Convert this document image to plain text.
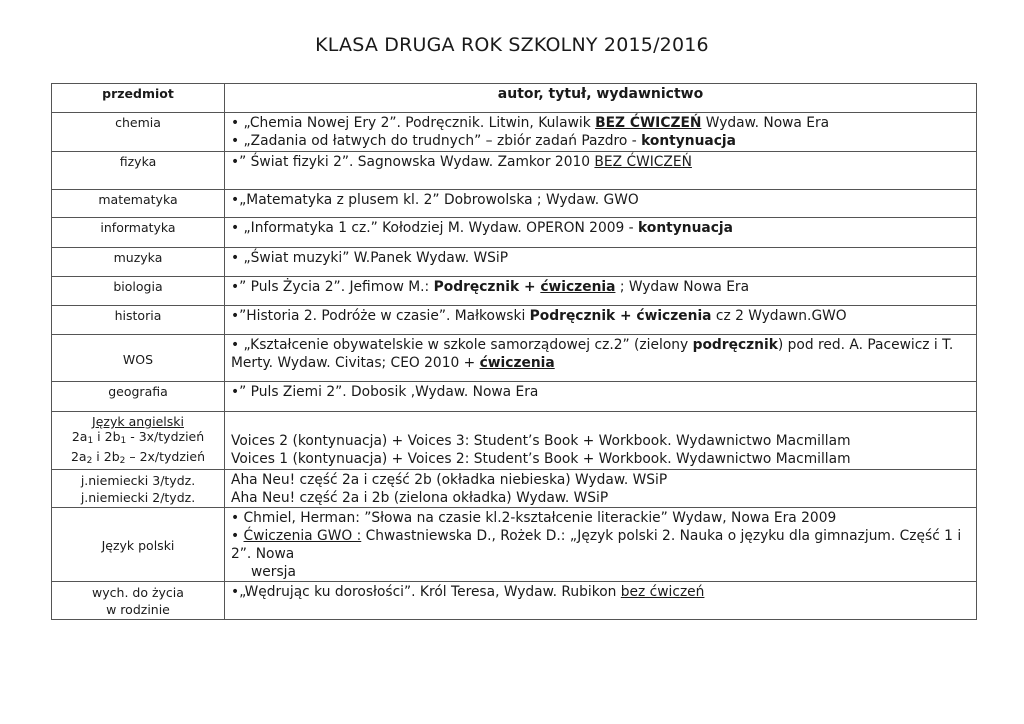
KLASA DRUGA ROK SZKOLNY 2015/2016
przedmiot	autor, tytuł, wydawnictwo
chemia	• „Chemia Nowej Ery 2”. Podręcznik. Litwin, Kulawik BEZ ĆWICZEŃ Wydaw. Nowa Era
• „Zadania od łatwych do trudnych” – zbiór zadań Pazdro - kontynuacja

fizyka	•” Świat fizyki 2”. Sagnowska Wydaw. Zamkor 2010 BEZ ĆWICZEŃ

matematyka	•„Matematyka z plusem kl. 2” Dobrowolska ; Wydaw. GWO

informatyka	• „Informatyka 1 cz.” Kołodziej M. Wydaw. OPERON 2009 - kontynuacja

muzyka	• „Świat muzyki” W.Panek Wydaw. WSiP

biologia	•” Puls Życia 2”. Jefimow M.: Podręcznik + ćwiczenia ; Wydaw Nowa Era

historia	•”Historia 2. Podróże w czasie”. Małkowski Podręcznik + ćwiczenia cz 2 Wydawn.GWO

WOS	• „Kształcenie obywatelskie w szkole samorządowej cz.2” (zielony podręcznik) pod red. A. Pacewicz i T. Merty. Wydaw. Civitas; CEO 2010 + ćwiczenia

geografia	•” Puls Ziemi 2”. Dobosik ,Wydaw. Nowa Era

Język angielski
$2a_1$ i $2b_1$ - 3x/tydzień
$2a_2$ i $2b_2$ – 2x/tydzień	Voices 2 (kontynuacja) + Voices 3: Student’s Book + Workbook. Wydawnictwo Macmillam
Voices 1 (kontynuacja) + Voices 2: Student’s Book + Workbook. Wydawnictwo Macmillam

j.niemiecki 3/tydz.
j.niemiecki 2/tydz.	Aha Neu! część 2a i część 2b (okładka niebieska) Wydaw. WSiP
Aha Neu! część 2a i 2b (zielona okładka) Wydaw. WSiP

Język polski	• Chmiel, Herman: ”Słowa na czasie kl.2-kształcenie literackie” Wydaw, Nowa Era 2009
• Ćwiczenia GWO : Chwastniewska D., Rożek D.: „Język polski 2. Nauka o języku dla gimnazjum. Część 1 i 2”. Nowa
wersja

wych. do życia
w rodzinie	•„Wędrując ku dorosłości”. Król Teresa, Wydaw. Rubikon bez ćwiczeń
